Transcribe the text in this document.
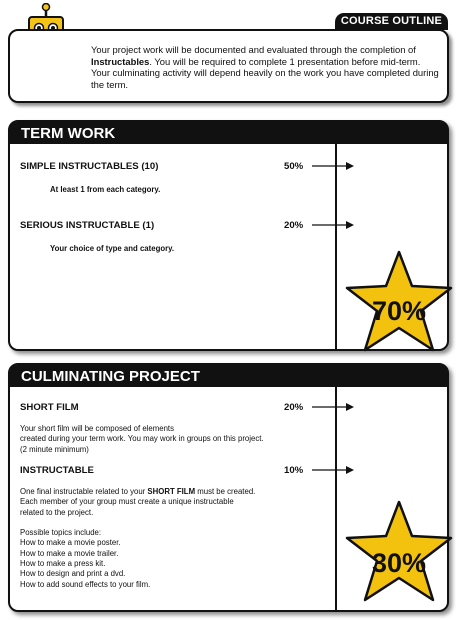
COURSE OUTLINE
Your project work will be documented and evaluated through the completion of Instructables. You will be required to complete 1 presentation before mid-term. Your culminating activity will depend heavily on the work you have completed during the term.
TERM WORK
SIMPLE INSTRUCTABLES (10)	50%
At least 1 from each category.
SERIOUS INSTRUCTABLE (1)	20%
Your choice of type and category.
70%
CULMINATING PROJECT
SHORT FILM	20%
Your short film will be composed of elements
created during your term work. You may work in groups on this project.
(2 minute minimum)
INSTRUCTABLE	10%
One final instructable related to your SHORT FILM must be created.
Each member of your group must create a unique instructable
related to the project.
Possible topics include:
How to make a movie poster.
How to make a movie trailer.
How to make a press kit.
How to design and print a dvd.
How to add sound effects to your film.
30%
